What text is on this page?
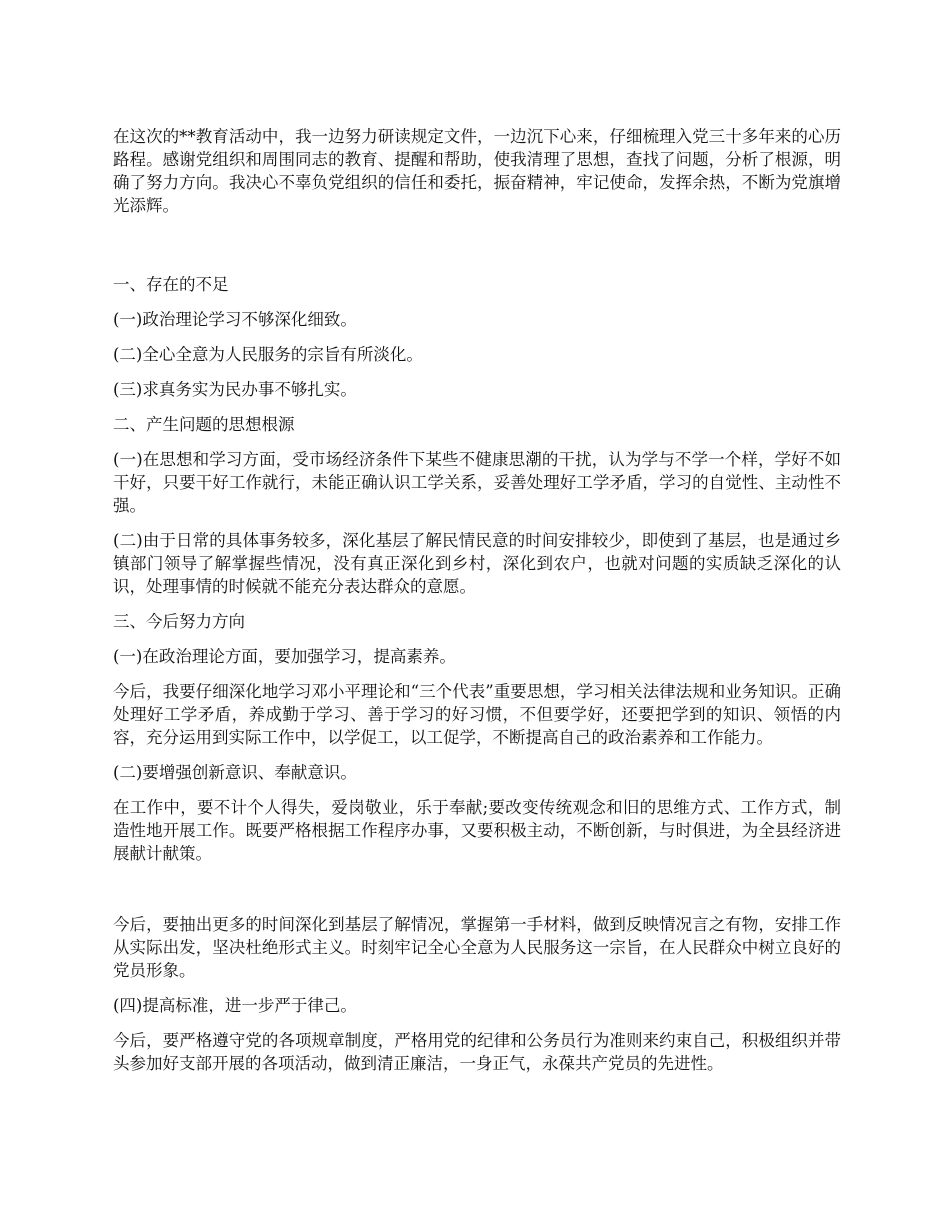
在这次的**教育活动中，我一边努力研读规定文件，一边沉下心来，仔细梳理入党三十多年来的心历路程。感谢党组织和周围同志的教育、提醒和帮助，使我清理了思想，查找了问题，分析了根源，明确了努力方向。我决心不辜负党组织的信任和委托，振奋精神，牢记使命，发挥余热，不断为党旗增光添辉。

一、存在的不足

(一)政治理论学习不够深化细致。

(二)全心全意为人民服务的宗旨有所淡化。

(三)求真务实为民办事不够扎实。

二、产生问题的思想根源

(一)在思想和学习方面，受市场经济条件下某些不健康思潮的干扰，认为学与不学一个样，学好不如干好，只要干好工作就行，未能正确认识工学关系，妥善处理好工学矛盾，学习的自觉性、主动性不强。

(二)由于日常的具体事务较多，深化基层了解民情民意的时间安排较少，即使到了基层，也是通过乡镇部门领导了解掌握些情况，没有真正深化到乡村，深化到农户，也就对问题的实质缺乏深化的认识，处理事情的时候就不能充分表达群众的意愿。

三、今后努力方向

(一)在政治理论方面，要加强学习，提高素养。

今后，我要仔细深化地学习邓小平理论和“三个代表”重要思想，学习相关法律法规和业务知识。正确处理好工学矛盾，养成勤于学习、善于学习的好习惯，不但要学好，还要把学到的知识、领悟的内容，充分运用到实际工作中，以学促工，以工促学，不断提高自己的政治素养和工作能力。

(二)要增强创新意识、奉献意识。

在工作中，要不计个人得失，爱岗敬业，乐于奉献;要改变传统观念和旧的思维方式、工作方式，制造性地开展工作。既要严格根据工作程序办事，又要积极主动，不断创新，与时俱进，为全县经济进展献计献策。

今后，要抽出更多的时间深化到基层了解情况，掌握第一手材料，做到反映情况言之有物，安排工作从实际出发，坚决杜绝形式主义。时刻牢记全心全意为人民服务这一宗旨，在人民群众中树立良好的党员形象。

(四)提高标准，进一步严于律己。

今后，要严格遵守党的各项规章制度，严格用党的纪律和公务员行为准则来约束自己，积极组织并带头参加好支部开展的各项活动，做到清正廉洁，一身正气，永葆共产党员的先进性。
